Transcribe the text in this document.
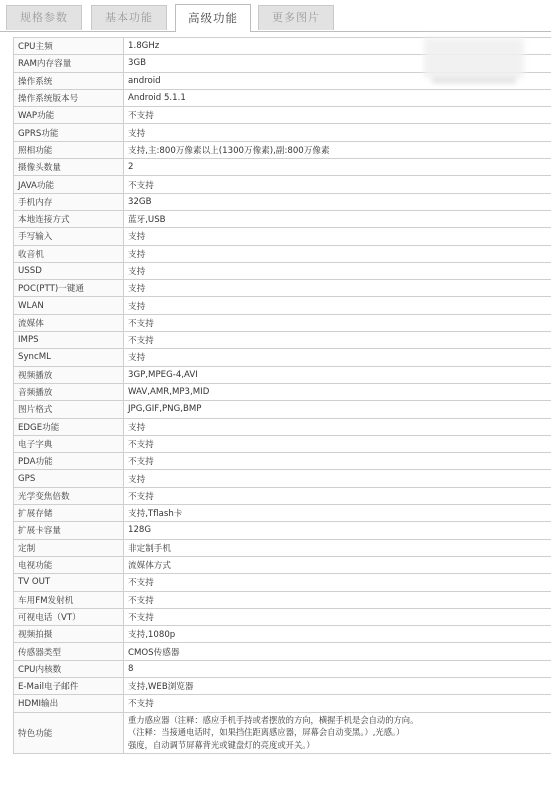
规格参数	基本功能	高级功能	更多图片
CPU主频	1.8GHz
RAM内存容量	3GB
操作系统	android
操作系统版本号	Android 5.1.1
WAP功能	不支持
GPRS功能	支持
照相功能	支持,主:800万像素以上(1300万像素),副:800万像素
摄像头数量	2
JAVA功能	不支持
手机内存	32GB
本地连接方式	蓝牙,USB
手写输入	支持
收音机	支持
USSD	支持
POC(PTT)一键通	支持
WLAN	支持
流媒体	不支持
IMPS	不支持
SyncML	支持
视频播放	3GP,MPEG-4,AVI
音频播放	WAV,AMR,MP3,MID
图片格式	JPG,GIF,PNG,BMP
EDGE功能	支持
电子字典	不支持
PDA功能	不支持
GPS	支持
光学变焦倍数	不支持
扩展存储	支持,Tflash卡
扩展卡容量	128G
定制	非定制手机
电视功能	流媒体方式
TV OUT	不支持
车用FM发射机	不支持
可视电话（VT）	不支持
视频拍摄	支持,1080p
传感器类型	CMOS传感器
CPU内核数	8
E-Mail电子邮件	支持,WEB浏览器
HDMI输出	不支持
特色功能	重力感应器（注释：感应手机手持或者摆放的方向，横握手机是会自动的方向。
（注释：当接通电话时，如果挡住距离感应器，屏幕会自动变黑。）,光感。）
强度，自动调节屏幕背光或键盘灯的亮度或开关。）
